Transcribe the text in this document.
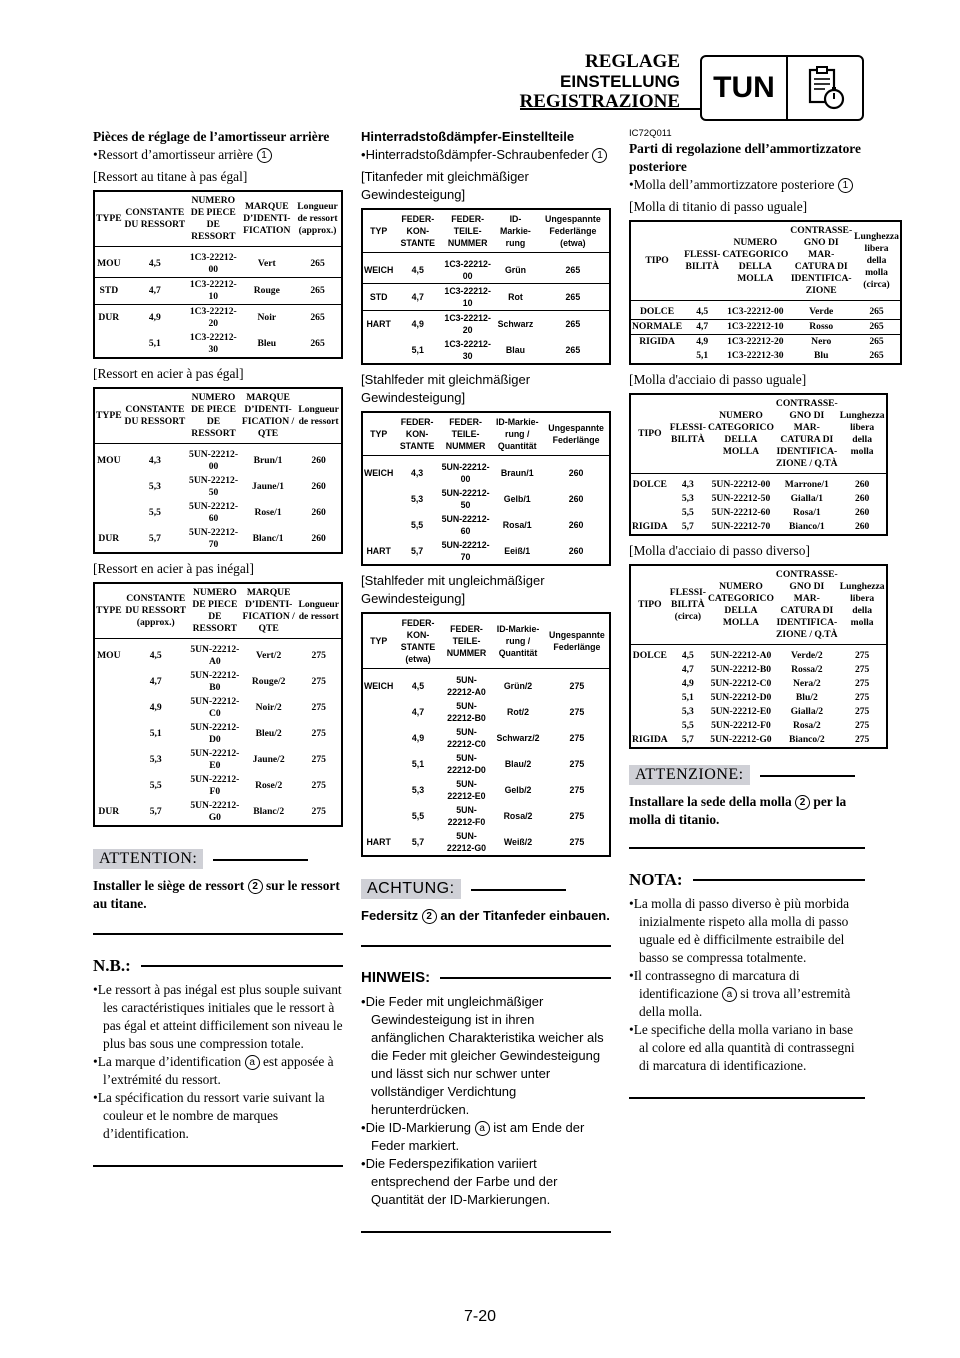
REGLAGE
EINSTELLUNG
REGISTRAZIONE	TUN
Pièces de réglage de l’amortisseur arrière
•Ressort d’amortisseur arrière 1
[Ressort au titane à pas égal]
TYPE	CONSTANTE DU RESSORT	NUMERO DE PIECE DE RESSORT	MARQUE D’IDENTI-FICATION	Longueur de ressort (approx.)
MOU	4,5	1C3-22212-00	Vert	265
STD	4,7	1C3-22212-10	Rouge	265
DUR	4,9	1C3-22212-20	Noir	265
	5,1	1C3-22212-30	Bleu	265
[Ressort en acier à pas égal]
TYPE	CONSTANTE DU RESSORT	NUMERO DE PIECE DE RESSORT	MARQUE D’IDENTI-FICATION / QTE	Longueur de ressort
MOU	4,3	5UN-22212-00	Brun/1	260
	5,3	5UN-22212-50	Jaune/1	260
	5,5	5UN-22212-60	Rose/1	260
DUR	5,7	5UN-22212-70	Blanc/1	260
[Ressort en acier à pas inégal]
TYPE	CONSTANTE DU RESSORT (approx.)	NUMERO DE PIECE DE RESSORT	MARQUE D’IDENTI-FICATION / QTE	Longueur de ressort
MOU	4,5	5UN-22212-A0	Vert/2	275
	4,7	5UN-22212-B0	Rouge/2	275
	4,9	5UN-22212-C0	Noir/2	275
	5,1	5UN-22212-D0	Bleu/2	275
	5,3	5UN-22212-E0	Jaune/2	275
	5,5	5UN-22212-F0	Rose/2	275
DUR	5,7	5UN-22212-G0	Blanc/2	275
ATTENTION:
Installer le siège de ressort 2 sur le ressort au titane.
N.B.:
•Le ressort à pas inégal est plus souple suivant les caractéristiques initiales que le ressort à pas égal et atteint difficilement son niveau le plus bas sous une compression totale.
•La marque d’identification a est apposée à l’extrémité du ressort.
•La spécification du ressort varie suivant la couleur et le nombre de marques d’identification.
Hinterradstoßdämpfer-Einstellteile
•Hinterradstoßdämpfer-Schraubenfeder 1
[Titanfeder mit gleichmäßiger Gewindesteigung]
TYP	FEDER-KON-STANTE	FEDER-TEILE-NUMMER	ID-Markie-rung	Ungespannte Federlänge (etwa)
WEICH	4,5	1C3-22212-00	Grün	265
STD	4,7	1C3-22212-10	Rot	265
HART	4,9	1C3-22212-20	Schwarz	265
	5,1	1C3-22212-30	Blau	265
[Stahlfeder mit gleichmäßiger Gewindesteigung]
TYP	FEDER-KON-STANTE	FEDER-TEILE-NUMMER	ID-Markie-rung / Quantität	Ungespannte Federlänge
WEICH	4,3	5UN-22212-00	Braun/1	260
	5,3	5UN-22212-50	Gelb/1	260
	5,5	5UN-22212-60	Rosa/1	260
HART	5,7	5UN-22212-70	Eeiß/1	260
[Stahlfeder mit ungleichmäßiger Gewindesteigung]
TYP	FEDER-KON-STANTE (etwa)	FEDER-TEILE-NUMMER	ID-Markie-rung / Quantität	Ungespannte Federlänge
WEICH	4,5	5UN-22212-A0	Grün/2	275
	4,7	5UN-22212-B0	Rot/2	275
	4,9	5UN-22212-C0	Schwarz/2	275
	5,1	5UN-22212-D0	Blau/2	275
	5,3	5UN-22212-E0	Gelb/2	275
	5,5	5UN-22212-F0	Rosa/2	275
HART	5,7	5UN-22212-G0	Weiß/2	275
ACHTUNG:
Federsitz 2 an der Titanfeder einbauen.
HINWEIS:
•Die Feder mit ungleichmäßiger Gewindesteigung ist in ihren anfänglichen Charakteristika weicher als die Feder mit gleicher Gewindesteigung und lässt sich nur schwer unter vollständiger Verdichtung herunterdrücken.
•Die ID-Markierung a ist am Ende der Feder markiert.
•Die Federspezifikation variiert entsprechend der Farbe und der Quantität der ID-Markierungen.
IC72Q011
Parti di regolazione dell’ammortizzatore posteriore
•Molla dell’ammortizzatore posteriore 1
[Molla di titanio di passo uguale]
TIPO	FLESSI-BILITÀ	NUMERO CATEGORICO DELLA MOLLA	CONTRASSE-GNO DI MAR-CATURA DI IDENTIFICA-ZIONE	Lunghezza libera della molla (circa)
DOLCE	4,5	1C3-22212-00	Verde	265
NORMALE	4,7	1C3-22212-10	Rosso	265
RIGIDA	4,9	1C3-22212-20	Nero	265
	5,1	1C3-22212-30	Blu	265
[Molla d'acciaio di passo uguale]
TIPO	FLESSI-BILITÀ	NUMERO CATEGORICO DELLA MOLLA	CONTRASSE-GNO DI MAR-CATURA DI IDENTIFICA-ZIONE / Q.TÀ	Lunghezza libera della molla
DOLCE	4,3	5UN-22212-00	Marrone/1	260
	5,3	5UN-22212-50	Gialla/1	260
	5,5	5UN-22212-60	Rosa/1	260
RIGIDA	5,7	5UN-22212-70	Bianco/1	260
[Molla d'acciaio di passo diverso]
TIPO	FLESSI-BILITÀ (circa)	NUMERO CATEGORICO DELLA MOLLA	CONTRASSE-GNO DI MAR-CATURA DI IDENTIFICA-ZIONE / Q.TÀ	Lunghezza libera della molla
DOLCE	4,5	5UN-22212-A0	Verde/2	275
	4,7	5UN-22212-B0	Rossa/2	275
	4,9	5UN-22212-C0	Nera/2	275
	5,1	5UN-22212-D0	Blu/2	275
	5,3	5UN-22212-E0	Gialla/2	275
	5,5	5UN-22212-F0	Rosa/2	275
RIGIDA	5,7	5UN-22212-G0	Bianco/2	275
ATTENZIONE:
Installare la sede della molla 2 per la molla di titanio.
NOTA:
•La molla di passo diverso è più morbida inizialmente rispeto alla molla di passo uguale ed è difficilmente estraibile del basso se compressa totalmente.
•Il contrassegno di marcatura di identificazione a si trova all’estremità della molla.
•Le specifiche della molla variano in base al colore ed alla quantità di contrassegni di marcatura di identificazione.
7-20
